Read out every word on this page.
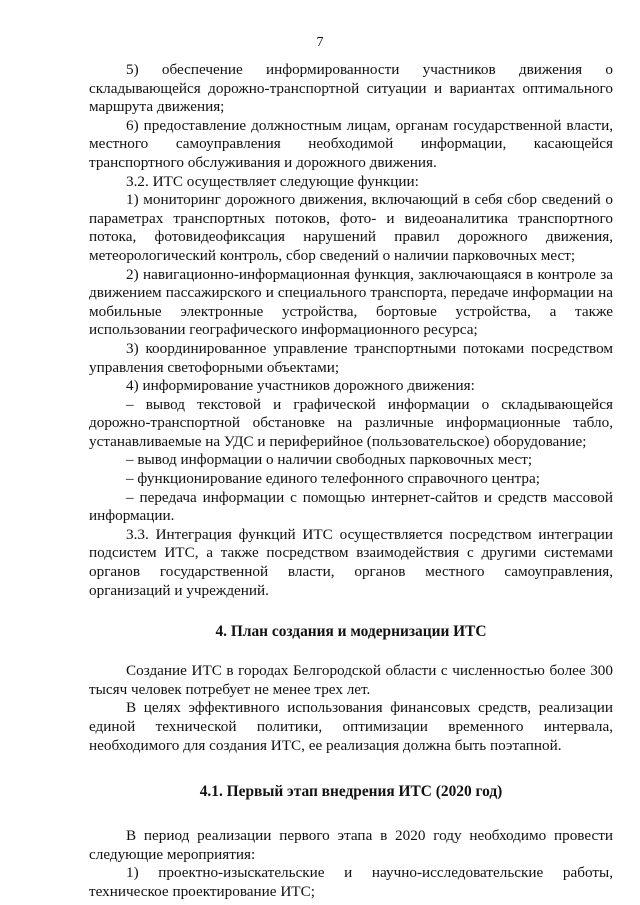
7

5) обеспечение информированности участников движения о складывающейся дорожно-транспортной ситуации и вариантах оптимального маршрута движения;

6) предоставление должностным лицам, органам государственной власти, местного самоуправления необходимой информации, касающейся транспортного обслуживания и дорожного движения.

3.2. ИТС осуществляет следующие функции:

1) мониторинг дорожного движения, включающий в себя сбор сведений о параметрах транспортных потоков, фото- и видеоаналитика транспортного потока, фотовидеофиксация нарушений правил дорожного движения, метеорологический контроль, сбор сведений о наличии парковочных мест;

2) навигационно-информационная функция, заключающаяся в контроле за движением пассажирского и специального транспорта, передаче информации на мобильные электронные устройства, бортовые устройства, а также использовании географического информационного ресурса;

3) координированное управление транспортными потоками посредством управления светофорными объектами;

4) информирование участников дорожного движения:

– вывод текстовой и графической информации о складывающейся дорожно-транспортной обстановке на различные информационные табло, устанавливаемые на УДС и периферийное (пользовательское) оборудование;

– вывод информации о наличии свободных парковочных мест;

– функционирование единого телефонного справочного центра;

– передача информации с помощью интернет-сайтов и средств массовой информации.

3.3. Интеграция функций ИТС осуществляется посредством интеграции подсистем ИТС, а также посредством взаимодействия с другими системами органов государственной власти, органов местного самоуправления, организаций и учреждений.

4. План создания и модернизации ИТС

Создание ИТС в городах Белгородской области с численностью более 300 тысяч человек потребует не менее трех лет.

В целях эффективного использования финансовых средств, реализации единой технической политики, оптимизации временного интервала, необходимого для создания ИТС, ее реализация должна быть поэтапной.

4.1. Первый этап внедрения ИТС (2020 год)

В период реализации первого этапа в 2020 году необходимо провести следующие мероприятия:

1) проектно-изыскательские и научно-исследовательские работы, техническое проектирование ИТС;
